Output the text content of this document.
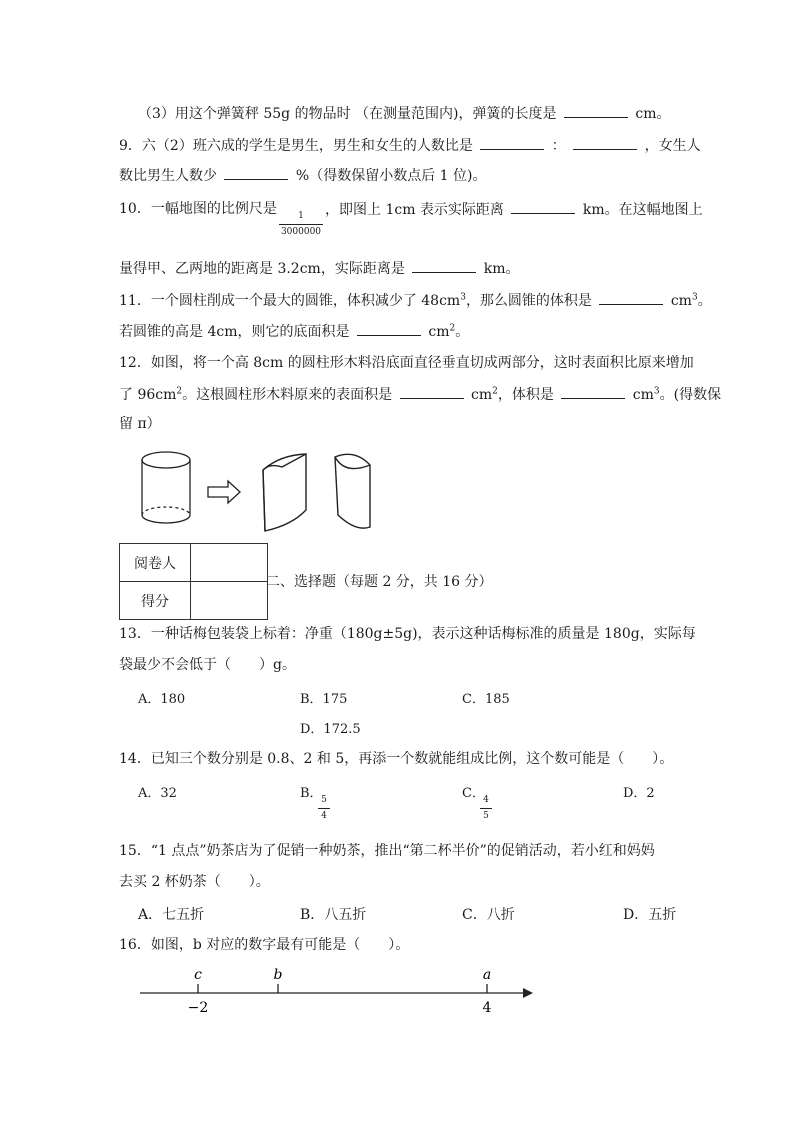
（3）用这个弹簧秤 55g 的物品时 （在测量范围内)，弹簧的长度是	cm。
9．六（2）班六成的学生是男生，男生和女生的人数比是	：	，女生人
数比男生人数少	%（得数保留小数点后 1 位)。
10．一幅地图的比例尺是	1
3000000
，即图上 1cm 表示实际距离	km。在这幅地图上
量得甲、乙两地的距离是 3.2cm，实际距离是	km。
11．一个圆柱削成一个最大的圆锥，体积减少了 $48cm^3$，那么圆锥的体积是	$cm^3$。
若圆锥的高是 4cm，则它的底面积是	$cm^2$。
12．如图，将一个高 8cm 的圆柱形木料沿底面直径垂直切成两部分，这时表面积比原来增加
了 $96cm^2$。这根圆柱形木料原来的表面积是	$cm^2$，体积是	$cm^3$。(得数保
留 π）
阅卷人	
得分	
二、选择题（每题 2 分，共 16 分）
13．一种话梅包装袋上标着：净重（180g±5g)，表示这种话梅标准的质量是 180g，实际每
袋最少不会低于（　　）g。
A．180	B．175	C．185
D．172.5
14．已知三个数分别是 0.8、2 和 5，再添一个数就能组成比例，这个数可能是（　　）。
A．32	B．
5
4
C．
4
5
D．2
15．“1 点点”奶茶店为了促销一种奶茶，推出“第二杯半价”的促销活动，若小红和妈妈
去买 2 杯奶茶（　　）。
A．七五折	B．八五折	C．八折	D．五折
16．如图，b 对应的数字最有可能是（　　）。
c	b	a
−2	4
